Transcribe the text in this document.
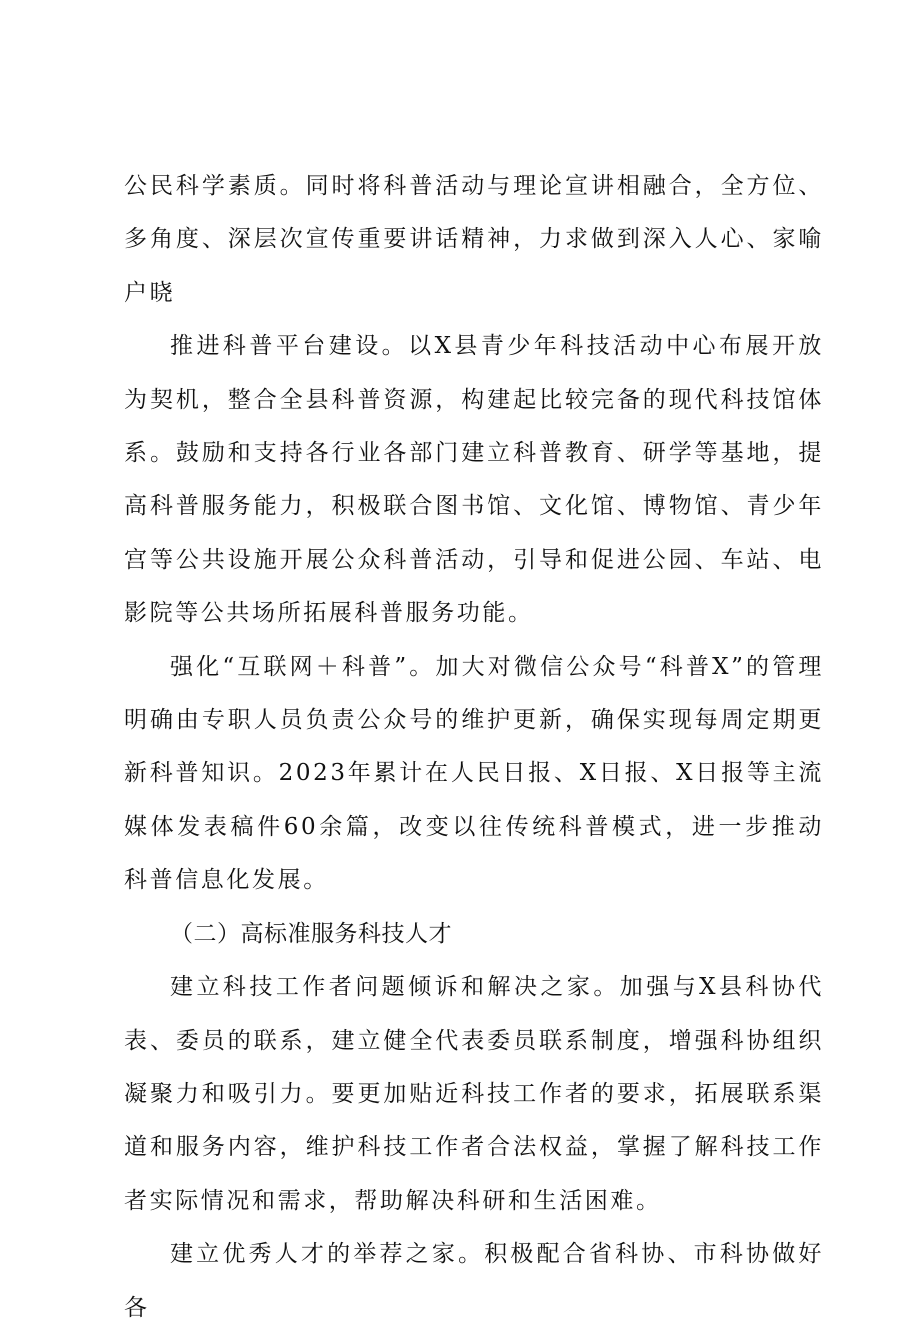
公民科学素质。同时将科普活动与理论宣讲相融合，全方位、多角度、深层次宣传重要讲话精神，力求做到深入人心、家喻户晓

推进科普平台建设。以X县青少年科技活动中心布展开放为契机，整合全县科普资源，构建起比较完备的现代科技馆体系。鼓励和支持各行业各部门建立科普教育、研学等基地，提高科普服务能力，积极联合图书馆、文化馆、博物馆、青少年宫等公共设施开展公众科普活动，引导和促进公园、车站、电影院等公共场所拓展科普服务功能。

强化“互联网＋科普”。加大对微信公众号“科普X”的管理明确由专职人员负责公众号的维护更新，确保实现每周定期更新科普知识。2023年累计在人民日报、X日报、X日报等主流媒体发表稿件60余篇，改变以往传统科普模式，进一步推动科普信息化发展。

（二）高标准服务科技人才

建立科技工作者问题倾诉和解决之家。加强与X县科协代表、委员的联系，建立健全代表委员联系制度，增强科协组织凝聚力和吸引力。要更加贴近科技工作者的要求，拓展联系渠道和服务内容，维护科技工作者合法权益，掌握了解科技工作者实际情况和需求，帮助解决科研和生活困难。

建立优秀人才的举荐之家。积极配合省科协、市科协做好各
